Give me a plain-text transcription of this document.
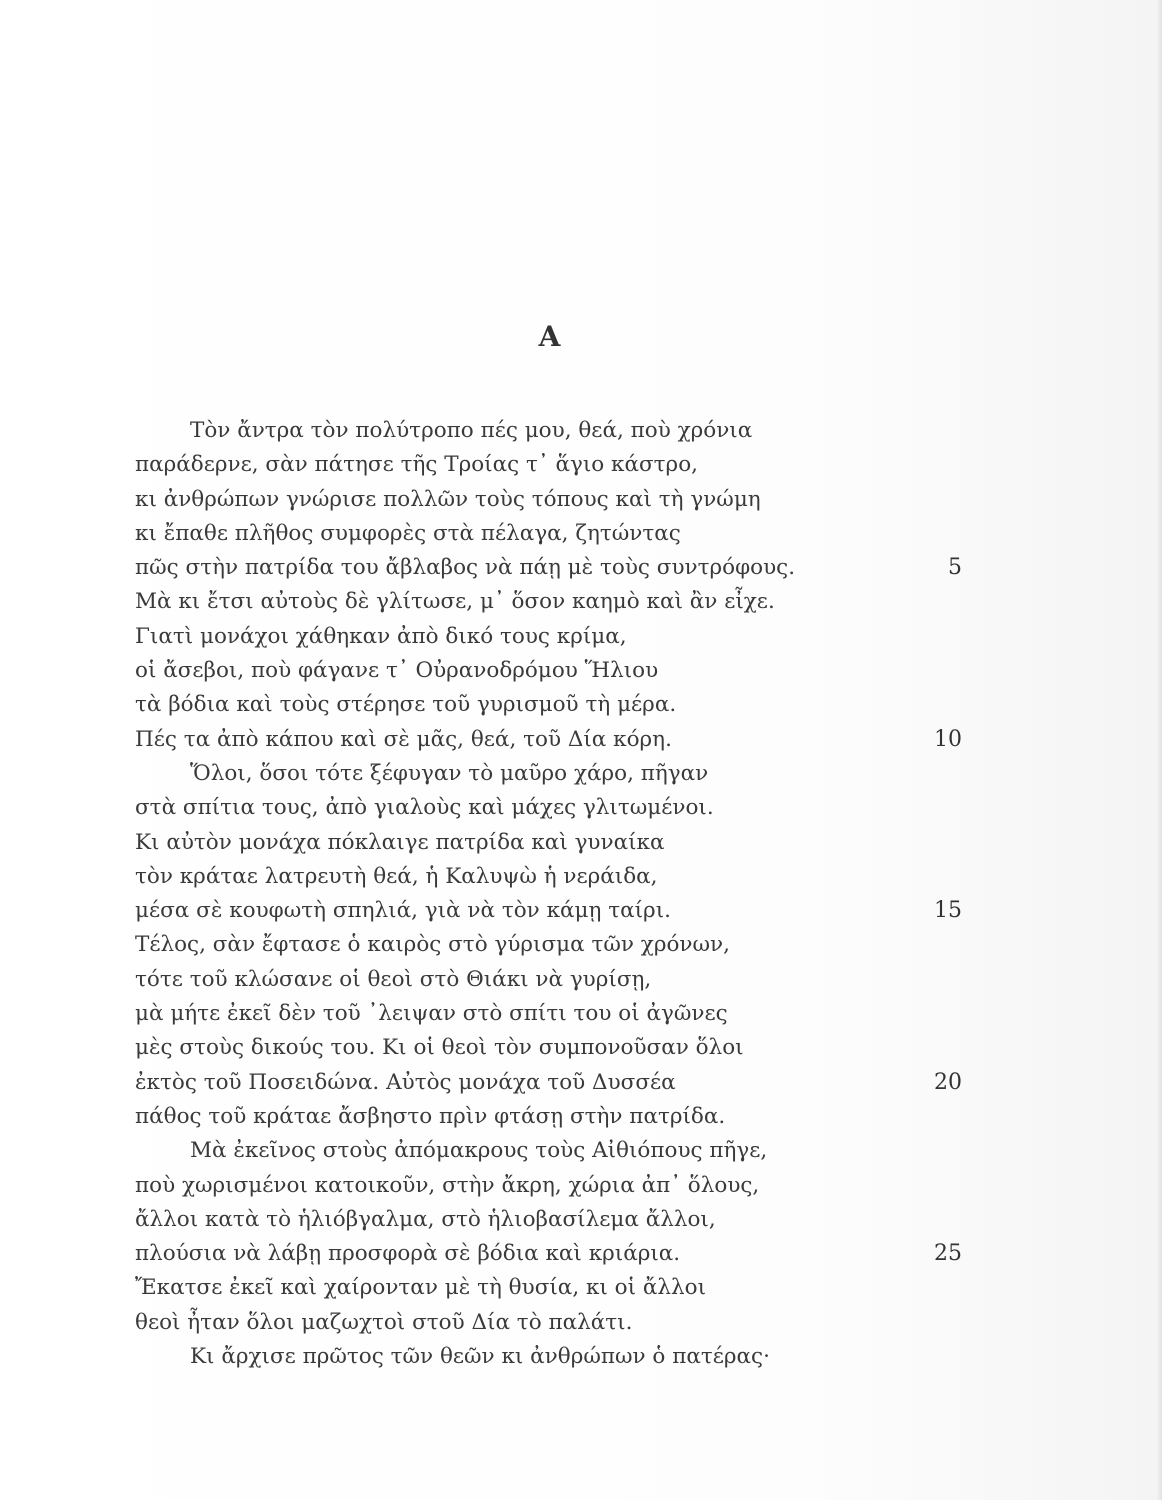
Α
Τὸν ἄντρα τὸν πολύτροπο πές μου, θεά, ποὺ χρόνια
παράδερνε, σὰν πάτησε τῆς Τροίας τ᾽ ἅγιο κάστρο,
κι ἀνθρώπων γνώρισε πολλῶν τοὺς τόπους καὶ τὴ γνώμη
κι ἔπαθε πλῆθος συμφορὲς στὰ πέλαγα, ζητώντας
πῶς στὴν πατρίδα του ἄβλαβος νὰ πάῃ μὲ τοὺς συντρόφους.	5
Μὰ κι ἔτσι αὐτοὺς δὲ γλίτωσε, μ᾽ ὅσον καημὸ καὶ ἂν εἶχε.
Γιατὶ μονάχοι χάθηκαν ἀπὸ δικό τους κρίμα,
οἱ ἄσεβοι, ποὺ φάγανε τ᾽ Οὐρανοδρόμου Ἥλιου
τὰ βόδια καὶ τοὺς στέρησε τοῦ γυρισμοῦ τὴ μέρα.
Πές τα ἀπὸ κάπου καὶ σὲ μᾶς, θεά, τοῦ Δία κόρη.	10
Ὅλοι, ὅσοι τότε ξέφυγαν τὸ μαῦρο χάρο, πῆγαν
στὰ σπίτια τους, ἀπὸ γιαλοὺς καὶ μάχες γλιτωμένοι.
Κι αὐτὸν μονάχα πόκλαιγε πατρίδα καὶ γυναίκα
τὸν κράταε λατρευτὴ θεά, ἡ Καλυψὼ ἡ νεράιδα,
μέσα σὲ κουφωτὴ σπηλιά, γιὰ νὰ τὸν κάμῃ ταίρι.	15
Τέλος, σὰν ἔφτασε ὁ καιρὸς στὸ γύρισμα τῶν χρόνων,
τότε τοῦ κλώσανε οἱ θεοὶ στὸ Θιάκι νὰ γυρίσῃ,
μὰ μήτε ἐκεῖ δὲν τοῦ ᾽λειψαν στὸ σπίτι του οἱ ἀγῶνες
μὲς στοὺς δικούς του. Κι οἱ θεοὶ τὸν συμπονοῦσαν ὅλοι
ἐκτὸς τοῦ Ποσειδώνα. Αὐτὸς μονάχα τοῦ Δυσσέα	20
πάθος τοῦ κράταε ἄσβηστο πρὶν φτάσῃ στὴν πατρίδα.
Μὰ ἐκεῖνος στοὺς ἀπόμακρους τοὺς Αἰθιόπους πῆγε,
ποὺ χωρισμένοι κατοικοῦν, στὴν ἄκρη, χώρια ἀπ᾽ ὅλους,
ἄλλοι κατὰ τὸ ἡλιόβγαλμα, στὸ ἡλιοβασίλεμα ἄλλοι,
πλούσια νὰ λάβῃ προσφορὰ σὲ βόδια καὶ κριάρια.	25
Ἔκατσε ἐκεῖ καὶ χαίρονταν μὲ τὴ θυσία, κι οἱ ἄλλοι
θεοὶ ἦταν ὅλοι μαζωχτοὶ στοῦ Δία τὸ παλάτι.
Κι ἄρχισε πρῶτος τῶν θεῶν κι ἀνθρώπων ὁ πατέρας·
